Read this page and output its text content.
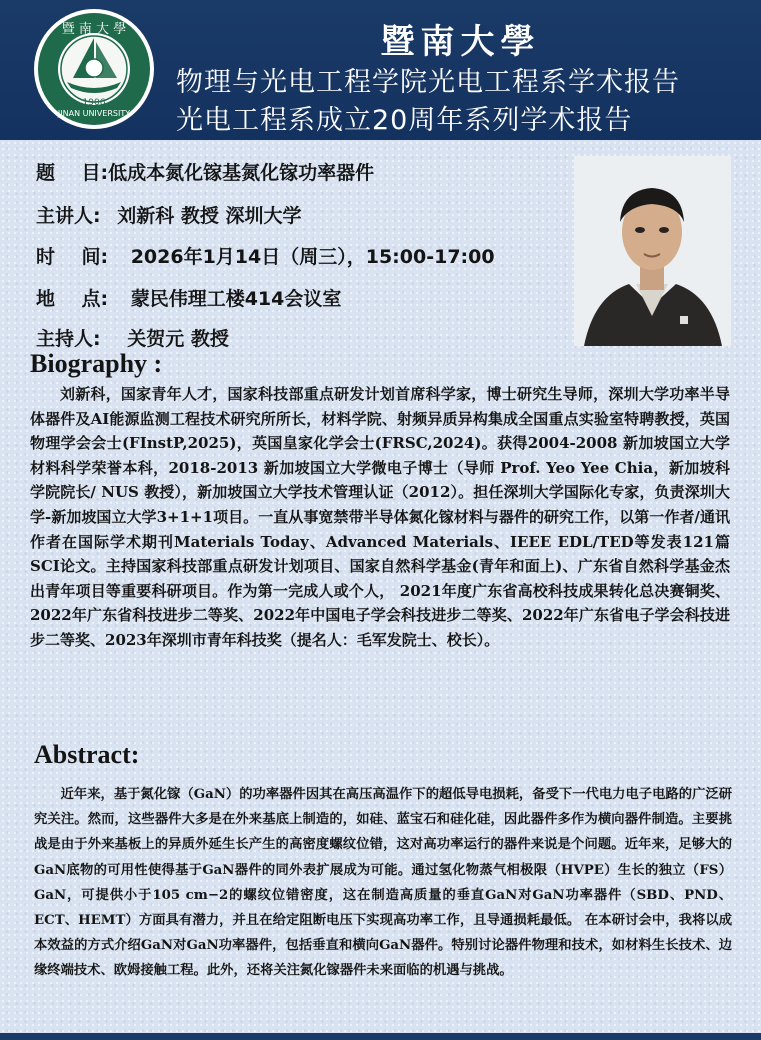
暨 南 大 學
JINAN UNIVERSITY
1906
暨南大學
物理与光电工程学院光电工程系学术报告
光电工程系成立20周年系列学术报告
题    目:低成本氮化镓基氮化镓功率器件
主讲人: 刘新科 教授 深圳大学
时    间: 2026年1月14日（周三），15:00-17:00
地    点: 蒙民伟理工楼414会议室
主持人: 关贺元 教授
Biography :

刘新科，国家青年人才，国家科技部重点研发计划首席科学家，博士研究生导师，深圳大学功率半导体器件及AI能源监测工程技术研究所所长，材料学院、射频异质异构集成全国重点实验室特聘教授，英国物理学会会士(FInstP,2025)，英国皇家化学会士(FRSC,2024)。获得2004-2008 新加坡国立大学 材料科学荣誉本科，2018-2013 新加坡国立大学微电子博士（导师 Prof. Yeo Yee Chia，新加坡科学院院长/ NUS 教授），新加坡国立大学技术管理认证（2012）。担任深圳大学国际化专家，负责深圳大学-新加坡国立大学3+1+1项目。一直从事宽禁带半导体氮化镓材料与器件的研究工作，以第一作者/通讯作者在国际学术期刊Materials Today、Advanced Materials、IEEE EDL/TED等发表121篇SCI论文。主持国家科技部重点研发计划项目、国家自然科学基金(青年和面上)、广东省自然科学基金杰出青年项目等重要科研项目。作为第一完成人或个人， 2021年度广东省高校科技成果转化总决赛铜奖、2022年广东省科技进步二等奖、2022年中国电子学会科技进步二等奖、2022年广东省电子学会科技进步二等奖、2023年深圳市青年科技奖（提名人：毛军发院士、校长）。

Abstract:

近年来，基于氮化镓（GaN）的功率器件因其在高压高温作下的超低导电损耗，备受下一代电力电子电路的广泛研究关注。然而，这些器件大多是在外来基底上制造的，如硅、蓝宝石和硅化硅，因此器件多作为横向器件制造。主要挑战是由于外来基板上的异质外延生长产生的高密度螺纹位错，这对高功率运行的器件来说是个问题。近年来，足够大的GaN底物的可用性使得基于GaN器件的同外表扩展成为可能。通过氢化物蒸气相极限（HVPE）生长的独立（FS）GaN，可提供小于105 cm−2的螺纹位错密度，这在制造高质量的垂直GaN对GaN功率器件（SBD、PND、ECT、HEMT）方面具有潜力，并且在给定阻断电压下实现高功率工作，且导通损耗最低。 在本研讨会中，我将以成本效益的方式介绍GaN对GaN功率器件，包括垂直和横向GaN器件。特别讨论器件物理和技术，如材料生长技术、边缘终端技术、欧姆接触工程。此外，还将关注氮化镓器件未来面临的机遇与挑战。
